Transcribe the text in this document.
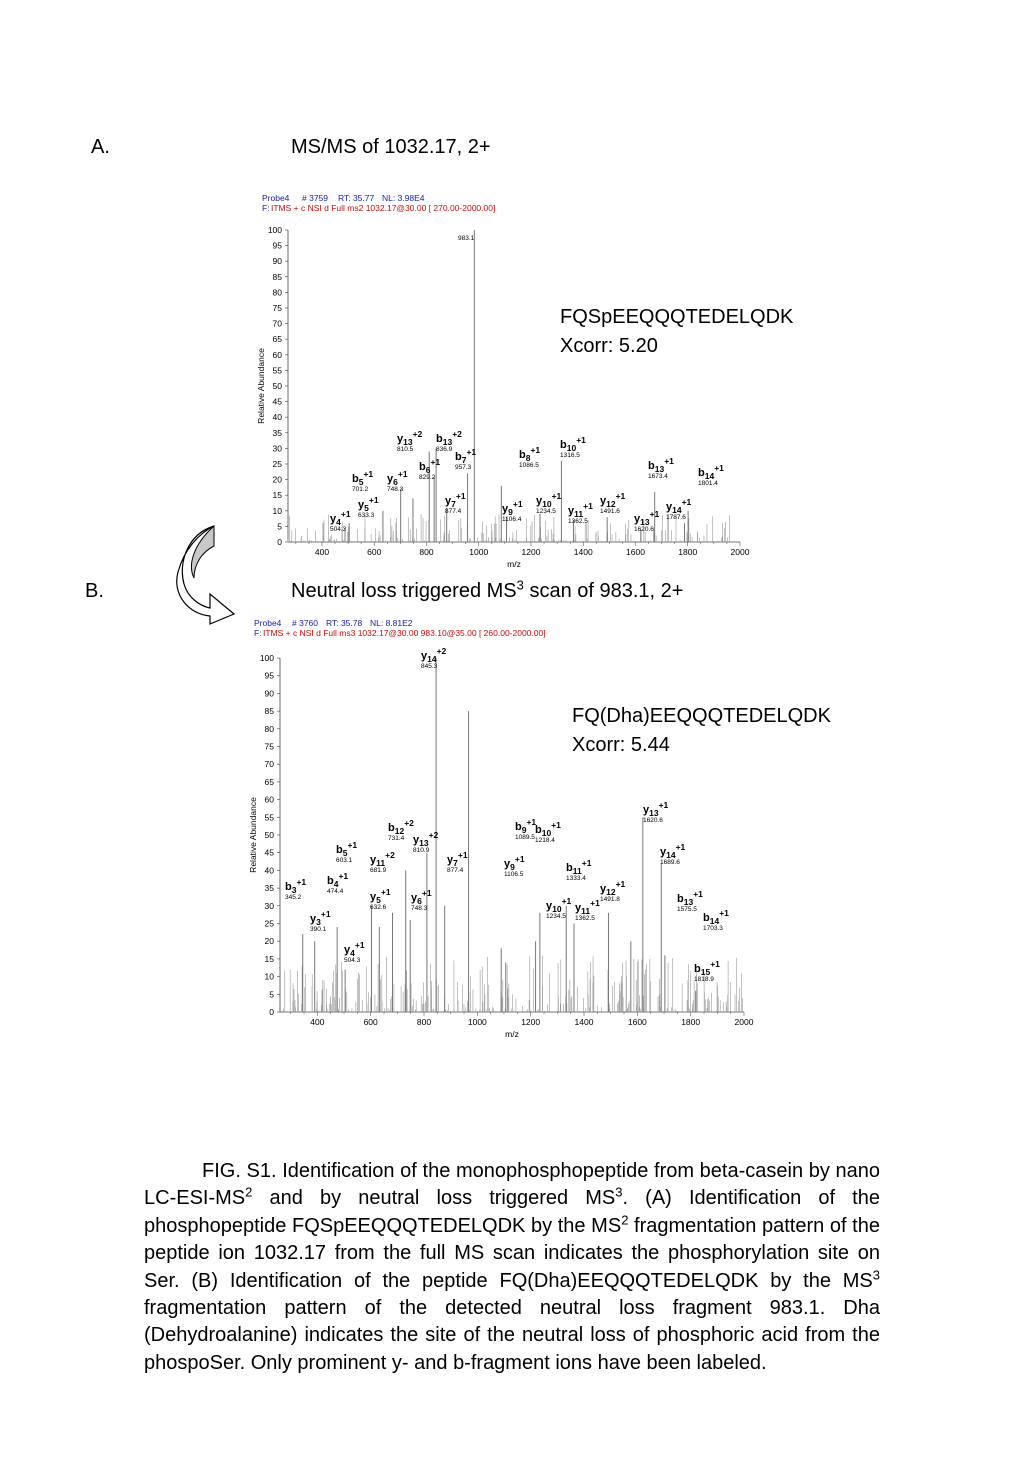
A.	MS/MS of 1032.17, 2+
Probe4 # 3759 RT: 35.77 NL: 3.98E4
F: ITMS + c NSI d Full ms2 1032.17@30.00 [ 270.00-2000.00]
0
5
10
15
20
25
30
35
40
45
50
55
60
65
70
75
80
85
90
95
100
400	600	800	1000	1200	1400	1600	1800	2000
m/z
Relative Abundance
983.1
$y_4^{+1}$
504.3
$y_5^{+1}$
633.3
$b_5^{+1}$
701.2
$y_6^{+1}$
748.3
$y_{13}^{+2}$
810.5
$b_6^{+1}$
829.2
$b_{13}^{+2}$
836.9
$y_7^{+1}$
877.4
$b_7^{+1}$
957.3
$b_8^{+1}$
1086.5
$y_9^{+1}$
1106.4
$y_{10}^{+1}$
1234.5
$b_{10}^{+1}$
1316.5
$y_{11}^{+1}$
1362.5
$y_{12}^{+1}$
1491.6
$y_{13}^{+1}$
1620.6
$b_{13}^{+1}$
1673.4
$y_{14}^{+1}$
1787.6
$b_{14}^{+1}$
1801.4
FQSpEEQQQTEDELQDK
Xcorr: 5.20
B.	Neutral loss triggered $MS^3$ scan of 983.1, 2+
Probe4 # 3760 RT: 35.78 NL: 8.81E2
F: ITMS + c NSI d Full ms3 1032.17@30.00 983.10@35.00 [ 260.00-2000.00]
0
5
10
15
20
25
30
35
40
45
50
55
60
65
70
75
80
85
90
95
100
400	600	800	1000	1200	1400	1600	1800	2000
m/z
Relative Abundance
$y_{14}^{+2}$
845.3
$b_3^{+1}$
345.2
$y_3^{+1}$
390.1
$b_4^{+1}$
474.4
$y_4^{+1}$
504.3
$b_5^{+1}$
603.1
$y_5^{+1}$
632.6
$y_{11}^{+2}$
681.9
$b_{12}^{+2}$
731.4
$y_6^{+1}$
748.3
$y_{13}^{+2}$
810.9
$y_7^{+1}$
877.4
$b_9^{+1}$
1089.5
$y_9^{+1}$
1106.5
$b_{10}^{+1}$
1218.4
$y_{10}^{+1}$
1234.5
$b_{11}^{+1}$
1333.4
$y_{11}^{+1}$
1362.5
$y_{12}^{+1}$
1491.8	$b_{13}^{+1}$
1575.5
$y_{13}^{+1}$
1620.6
$y_{14}^{+1}$
1689.6
$b_{14}^{+1}$
1703.3
$b_{15}^{+1}$
1818.9
FQ(Dha)EEQQQTEDELQDK
Xcorr: 5.44

FIG. S1. Identification of the monophosphopeptide from beta-casein by nano $LC-ESI-MS^2$ and by neutral loss triggered $MS^3$. (A) Identification of the phosphopeptide FQSpEEQQQTEDELQDK by the $MS^2$ fragmentation pattern of the peptide ion 1032.17 from the full MS scan indicates the phosphorylation site on Ser. (B) Identification of the peptide FQ(Dha)EEQQQTEDELQDK by the $MS^3$ fragmentation pattern of the detected neutral loss fragment 983.1. Dha (Dehydroalanine) indicates the site of the neutral loss of phosphoric acid from the phospoSer. Only prominent y- and b-fragment ions have been labeled.
